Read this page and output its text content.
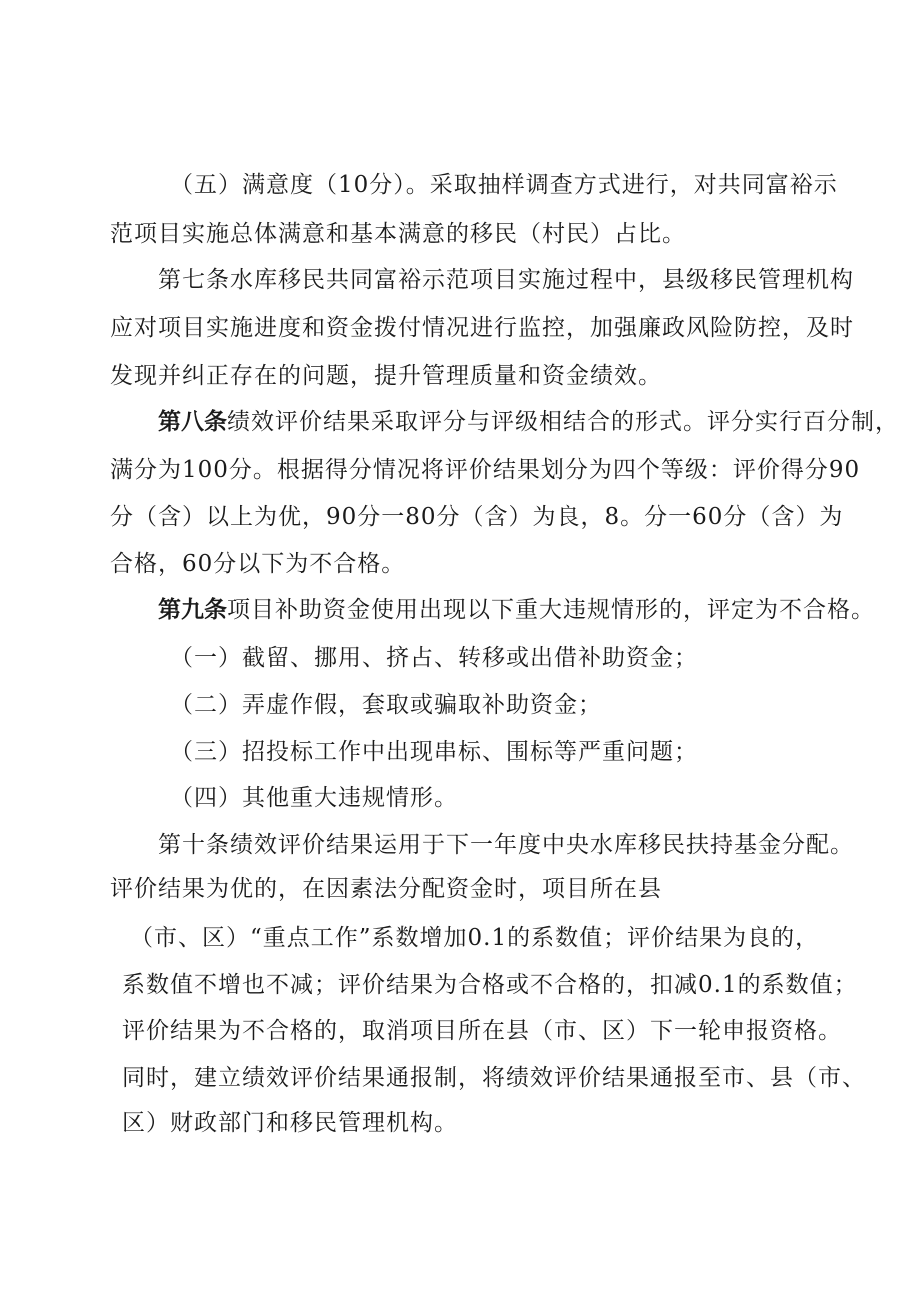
（五）满意度（10分）。采取抽样调查方式进行，对共同富裕示
范项目实施总体满意和基本满意的移民（村民）占比。
第七条水库移民共同富裕示范项目实施过程中，县级移民管理机构
应对项目实施进度和资金拨付情况进行监控，加强廉政风险防控，及时
发现并纠正存在的问题，提升管理质量和资金绩效。
第八条绩效评价结果采取评分与评级相结合的形式。评分实行百分制，
满分为100分。根据得分情况将评价结果划分为四个等级：评价得分90
分（含）以上为优，90分一80分（含）为良，8。分一60分（含）为
合格，60分以下为不合格。
第九条项目补助资金使用出现以下重大违规情形的，评定为不合格。
（一）截留、挪用、挤占、转移或出借补助资金；
（二）弄虚作假，套取或骗取补助资金；
（三）招投标工作中出现串标、围标等严重问题；
（四）其他重大违规情形。
第十条绩效评价结果运用于下一年度中央水库移民扶持基金分配。
评价结果为优的，在因素法分配资金时，项目所在县
（市、区）“重点工作”系数增加0.1的系数值；评价结果为良的，
系数值不增也不减；评价结果为合格或不合格的，扣减0.1的系数值；
评价结果为不合格的，取消项目所在县（市、区）下一轮申报资格。
同时，建立绩效评价结果通报制，将绩效评价结果通报至市、县（市、
区）财政部门和移民管理机构。
